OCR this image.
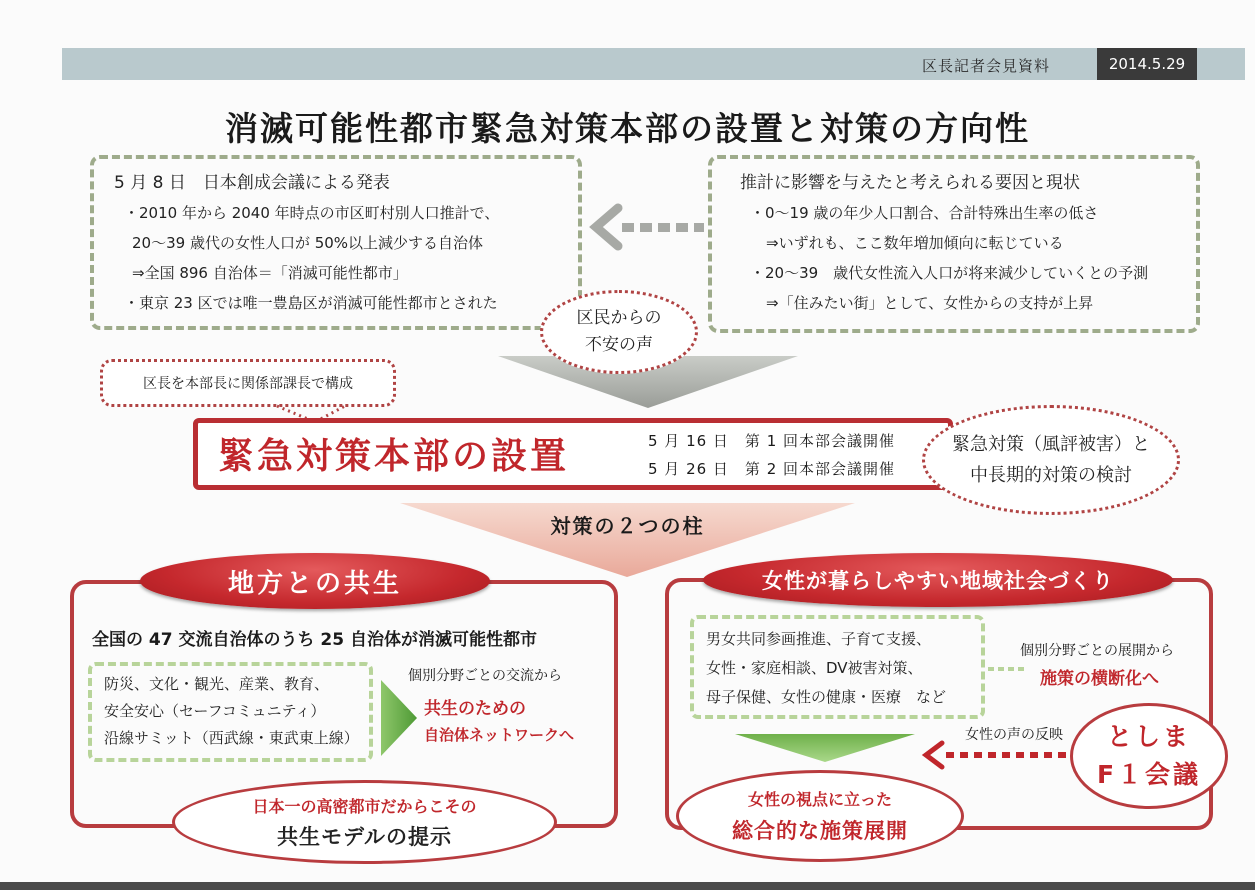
区長記者会見資料	2014.5.29
消滅可能性都市緊急対策本部の設置と対策の方向性
5 月 8 日　日本創成会議による発表
・2010 年から 2040 年時点の市区町村別人口推計で、
20～39 歳代の女性人口が 50%以上減少する自治体
⇒全国 896 自治体＝「消滅可能性都市」
・東京 23 区では唯一豊島区が消滅可能性都市とされた
推計に影響を与えたと考えられる要因と現状
・0～19 歳の年少人口割合、合計特殊出生率の低さ
⇒いずれも、ここ数年増加傾向に転じている
・20～39　歳代女性流入人口が将来減少していくとの予測
⇒「住みたい街」として、女性からの支持が上昇
区民からの
不安の声
区長を本部長に関係部課長で構成
緊急対策本部の設置	5 月 16 日　第 1 回本部会議開催
5 月 26 日　第 2 回本部会議開催
緊急対策（風評被害）と
中長期的対策の検討
対策の２つの柱
地方との共生
全国の 47 交流自治体のうち 25 自治体が消滅可能性都市
防災、文化・観光、産業、教育、
安全安心（セーフコミュニティ）
沿線サミット（西武線・東武東上線）
個別分野ごとの交流から
共生のための
自治体ネットワークへ
日本一の高密都市だからこその
共生モデルの提示
女性が暮らしやすい地域社会づくり
男女共同参画推進、子育て支援、
女性・家庭相談、DV被害対策、
母子保健、女性の健康・医療　など
個別分野ごとの展開から
施策の横断化へ
女性の声の反映 としま
F１会議
女性の視点に立った
総合的な施策展開
